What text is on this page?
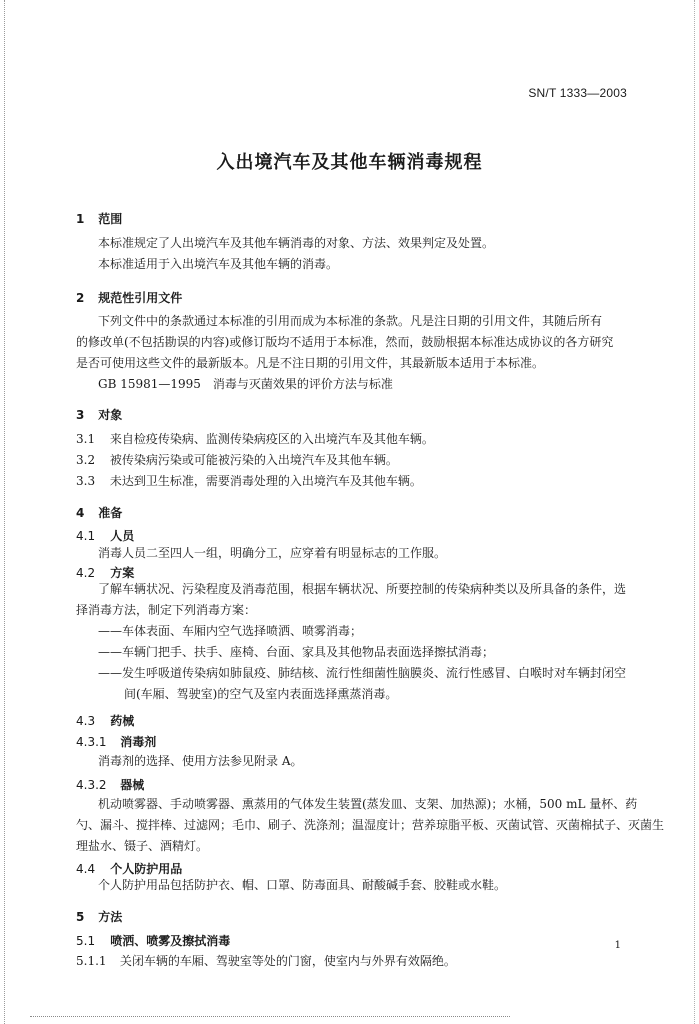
SN/T 1333—2003
入出境汽车及其他车辆消毒规程
1 范围
本标准规定了人出境汽车及其他车辆消毒的对象、方法、效果判定及处置。
本标准适用于入出境汽车及其他车辆的消毒。
2 规范性引用文件
下列文件中的条款通过本标准的引用而成为本标准的条款。凡是注日期的引用文件，其随后所有
的修改单(不包括勘误的内容)或修订版均不适用于本标准，然而，鼓励根据本标准达成协议的各方研究
是否可使用这些文件的最新版本。凡是不注日期的引用文件，其最新版本适用于本标准。
GB 15981—1995　消毒与灭菌效果的评价方法与标准
3 对象
3.1 来自检疫传染病、监测传染病疫区的入出境汽车及其他车辆。
3.2 被传染病污染或可能被污染的入出境汽车及其他车辆。
3.3 未达到卫生标准，需要消毒处理的入出境汽车及其他车辆。
4 准备
4.1 人员
消毒人员二至四人一组，明确分工，应穿着有明显标志的工作服。
4.2 方案
了解车辆状况、污染程度及消毒范围，根据车辆状况、所要控制的传染病种类以及所具备的条件，选
择消毒方法，制定下列消毒方案：
——车体表面、车厢内空气选择喷洒、喷雾消毒；
——车辆门把手、扶手、座椅、台面、家具及其他物品表面选择擦拭消毒；
——发生呼吸道传染病如肺鼠疫、肺结核、流行性细菌性脑膜炎、流行性感冒、白喉时对车辆封闭空
间(车厢、驾驶室)的空气及室内表面选择熏蒸消毒。
4.3 药械
4.3.1 消毒剂
消毒剂的选择、使用方法参见附录 A。
4.3.2 器械
机动喷雾器、手动喷雾器、熏蒸用的气体发生装置(蒸发皿、支架、加热源)；水桶，500 mL 量杯、药
勺、漏斗、搅拌棒、过滤网；毛巾、刷子、洗涤剂；温湿度计；营养琼脂平板、灭菌试管、灭菌棉拭子、灭菌生
理盐水、镊子、酒精灯。
4.4 个人防护用品
个人防护用品包括防护衣、帽、口罩、防毒面具、耐酸碱手套、胶鞋或水鞋。
5 方法
5.1 喷洒、喷雾及擦拭消毒
5.1.1 关闭车辆的车厢、驾驶室等处的门窗，使室内与外界有效隔绝。
1
